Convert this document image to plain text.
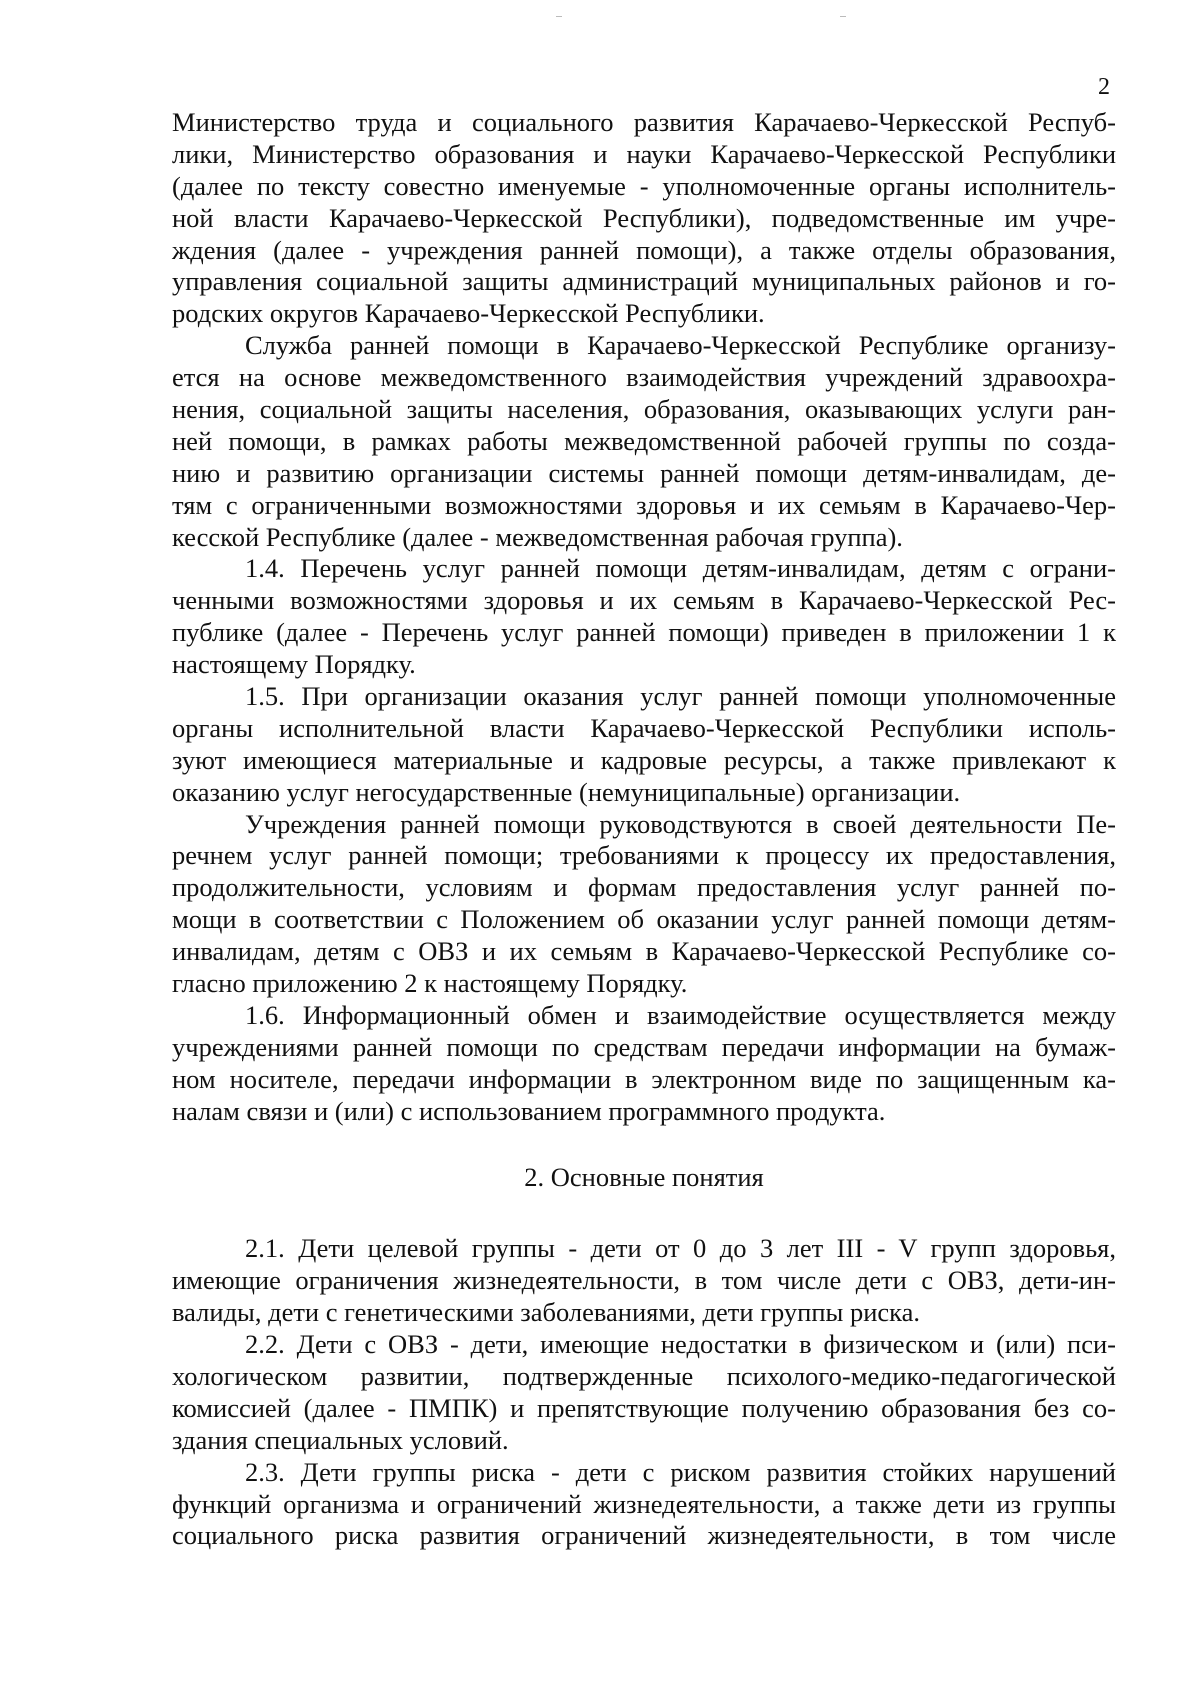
2
Министерство труда и социального развития Карачаево-Черкесской Респуб-
лики, Министерство образования и науки Карачаево-Черкесской Республики
(далее по тексту совестно именуемые - уполномоченные органы исполнитель-
ной власти Карачаево-Черкесской Республики), подведомственные им учре-
ждения (далее - учреждения ранней помощи), а также отделы образования,
управления социальной защиты администраций муниципальных районов и го-
родских округов Карачаево-Черкесской Республики.
Служба ранней помощи в Карачаево-Черкесской Республике организу-
ется на основе межведомственного взаимодействия учреждений здравоохра-
нения, социальной защиты населения, образования, оказывающих услуги ран-
ней помощи, в рамках работы межведомственной рабочей группы по созда-
нию и развитию организации системы ранней помощи детям-инвалидам, де-
тям с ограниченными возможностями здоровья и их семьям в Карачаево-Чер-
кесской Республике (далее - межведомственная рабочая группа).
1.4. Перечень услуг ранней помощи детям-инвалидам, детям с ограни-
ченными возможностями здоровья и их семьям в Карачаево-Черкесской Рес-
публике (далее - Перечень услуг ранней помощи) приведен в приложении 1 к
настоящему Порядку.
1.5. При организации оказания услуг ранней помощи уполномоченные
органы исполнительной власти Карачаево-Черкесской Республики исполь-
зуют имеющиеся материальные и кадровые ресурсы, а также привлекают к
оказанию услуг негосударственные (немуниципальные) организации.
Учреждения ранней помощи руководствуются в своей деятельности Пе-
речнем услуг ранней помощи; требованиями к процессу их предоставления,
продолжительности, условиям и формам предоставления услуг ранней по-
мощи в соответствии с Положением об оказании услуг ранней помощи детям-
инвалидам, детям с ОВЗ и их семьям в Карачаево-Черкесской Республике со-
гласно приложению 2 к настоящему Порядку.
1.6. Информационный обмен и взаимодействие осуществляется между
учреждениями ранней помощи по средствам передачи информации на бумаж-
ном носителе, передачи информации в электронном виде по защищенным ка-
налам связи и (или) с использованием программного продукта.
2. Основные понятия
2.1. Дети целевой группы - дети от 0 до 3 лет III - V групп здоровья,
имеющие ограничения жизнедеятельности, в том числе дети с ОВЗ, дети-ин-
валиды, дети с генетическими заболеваниями, дети группы риска.
2.2. Дети с ОВЗ - дети, имеющие недостатки в физическом и (или) пси-
хологическом развитии, подтвержденные психолого-медико-педагогической
комиссией (далее - ПМПК) и препятствующие получению образования без со-
здания специальных условий.
2.3. Дети группы риска - дети с риском развития стойких нарушений
функций организма и ограничений жизнедеятельности, а также дети из группы
социального риска развития ограничений жизнедеятельности, в том числе
